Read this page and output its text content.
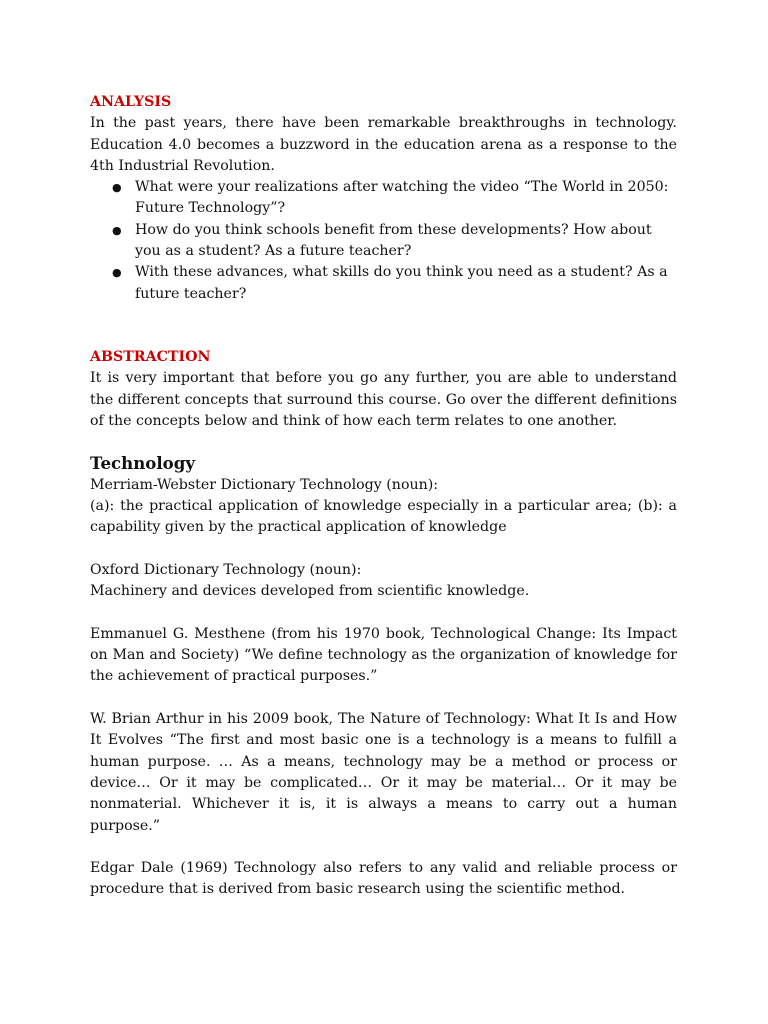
ANALYSIS

In the past years, there have been remarkable breakthroughs in technology. Education 4.0 becomes a buzzword in the education arena as a response to the 4th Industrial Revolution.

● What were your realizations after watching the video “The World in 2050: Future Technology”?
● How do you think schools benefit from these developments? How about you as a student? As a future teacher?
● With these advances, what skills do you think you need as a student? As a future teacher?
ABSTRACTION

It is very important that before you go any further, you are able to understand the different concepts that surround this course. Go over the different definitions of the concepts below and think of how each term relates to one another.

Technology

Merriam-Webster Dictionary Technology (noun):

(a): the practical application of knowledge especially in a particular area; (b): a capability given by the practical application of knowledge

Oxford Dictionary Technology (noun):

Machinery and devices developed from scientific knowledge.

Emmanuel G. Mesthene (from his 1970 book, Technological Change: Its Impact on Man and Society) “We define technology as the organization of knowledge for the achievement of practical purposes.”

W. Brian Arthur in his 2009 book, The Nature of Technology: What It Is and How It Evolves “The first and most basic one is a technology is a means to fulfill a human purpose. … As a means, technology may be a method or process or device… Or it may be complicated… Or it may be material… Or it may be nonmaterial. Whichever it is, it is always a means to carry out a human purpose.”

Edgar Dale (1969) Technology also refers to any valid and reliable process or procedure that is derived from basic research using the scientific method.
